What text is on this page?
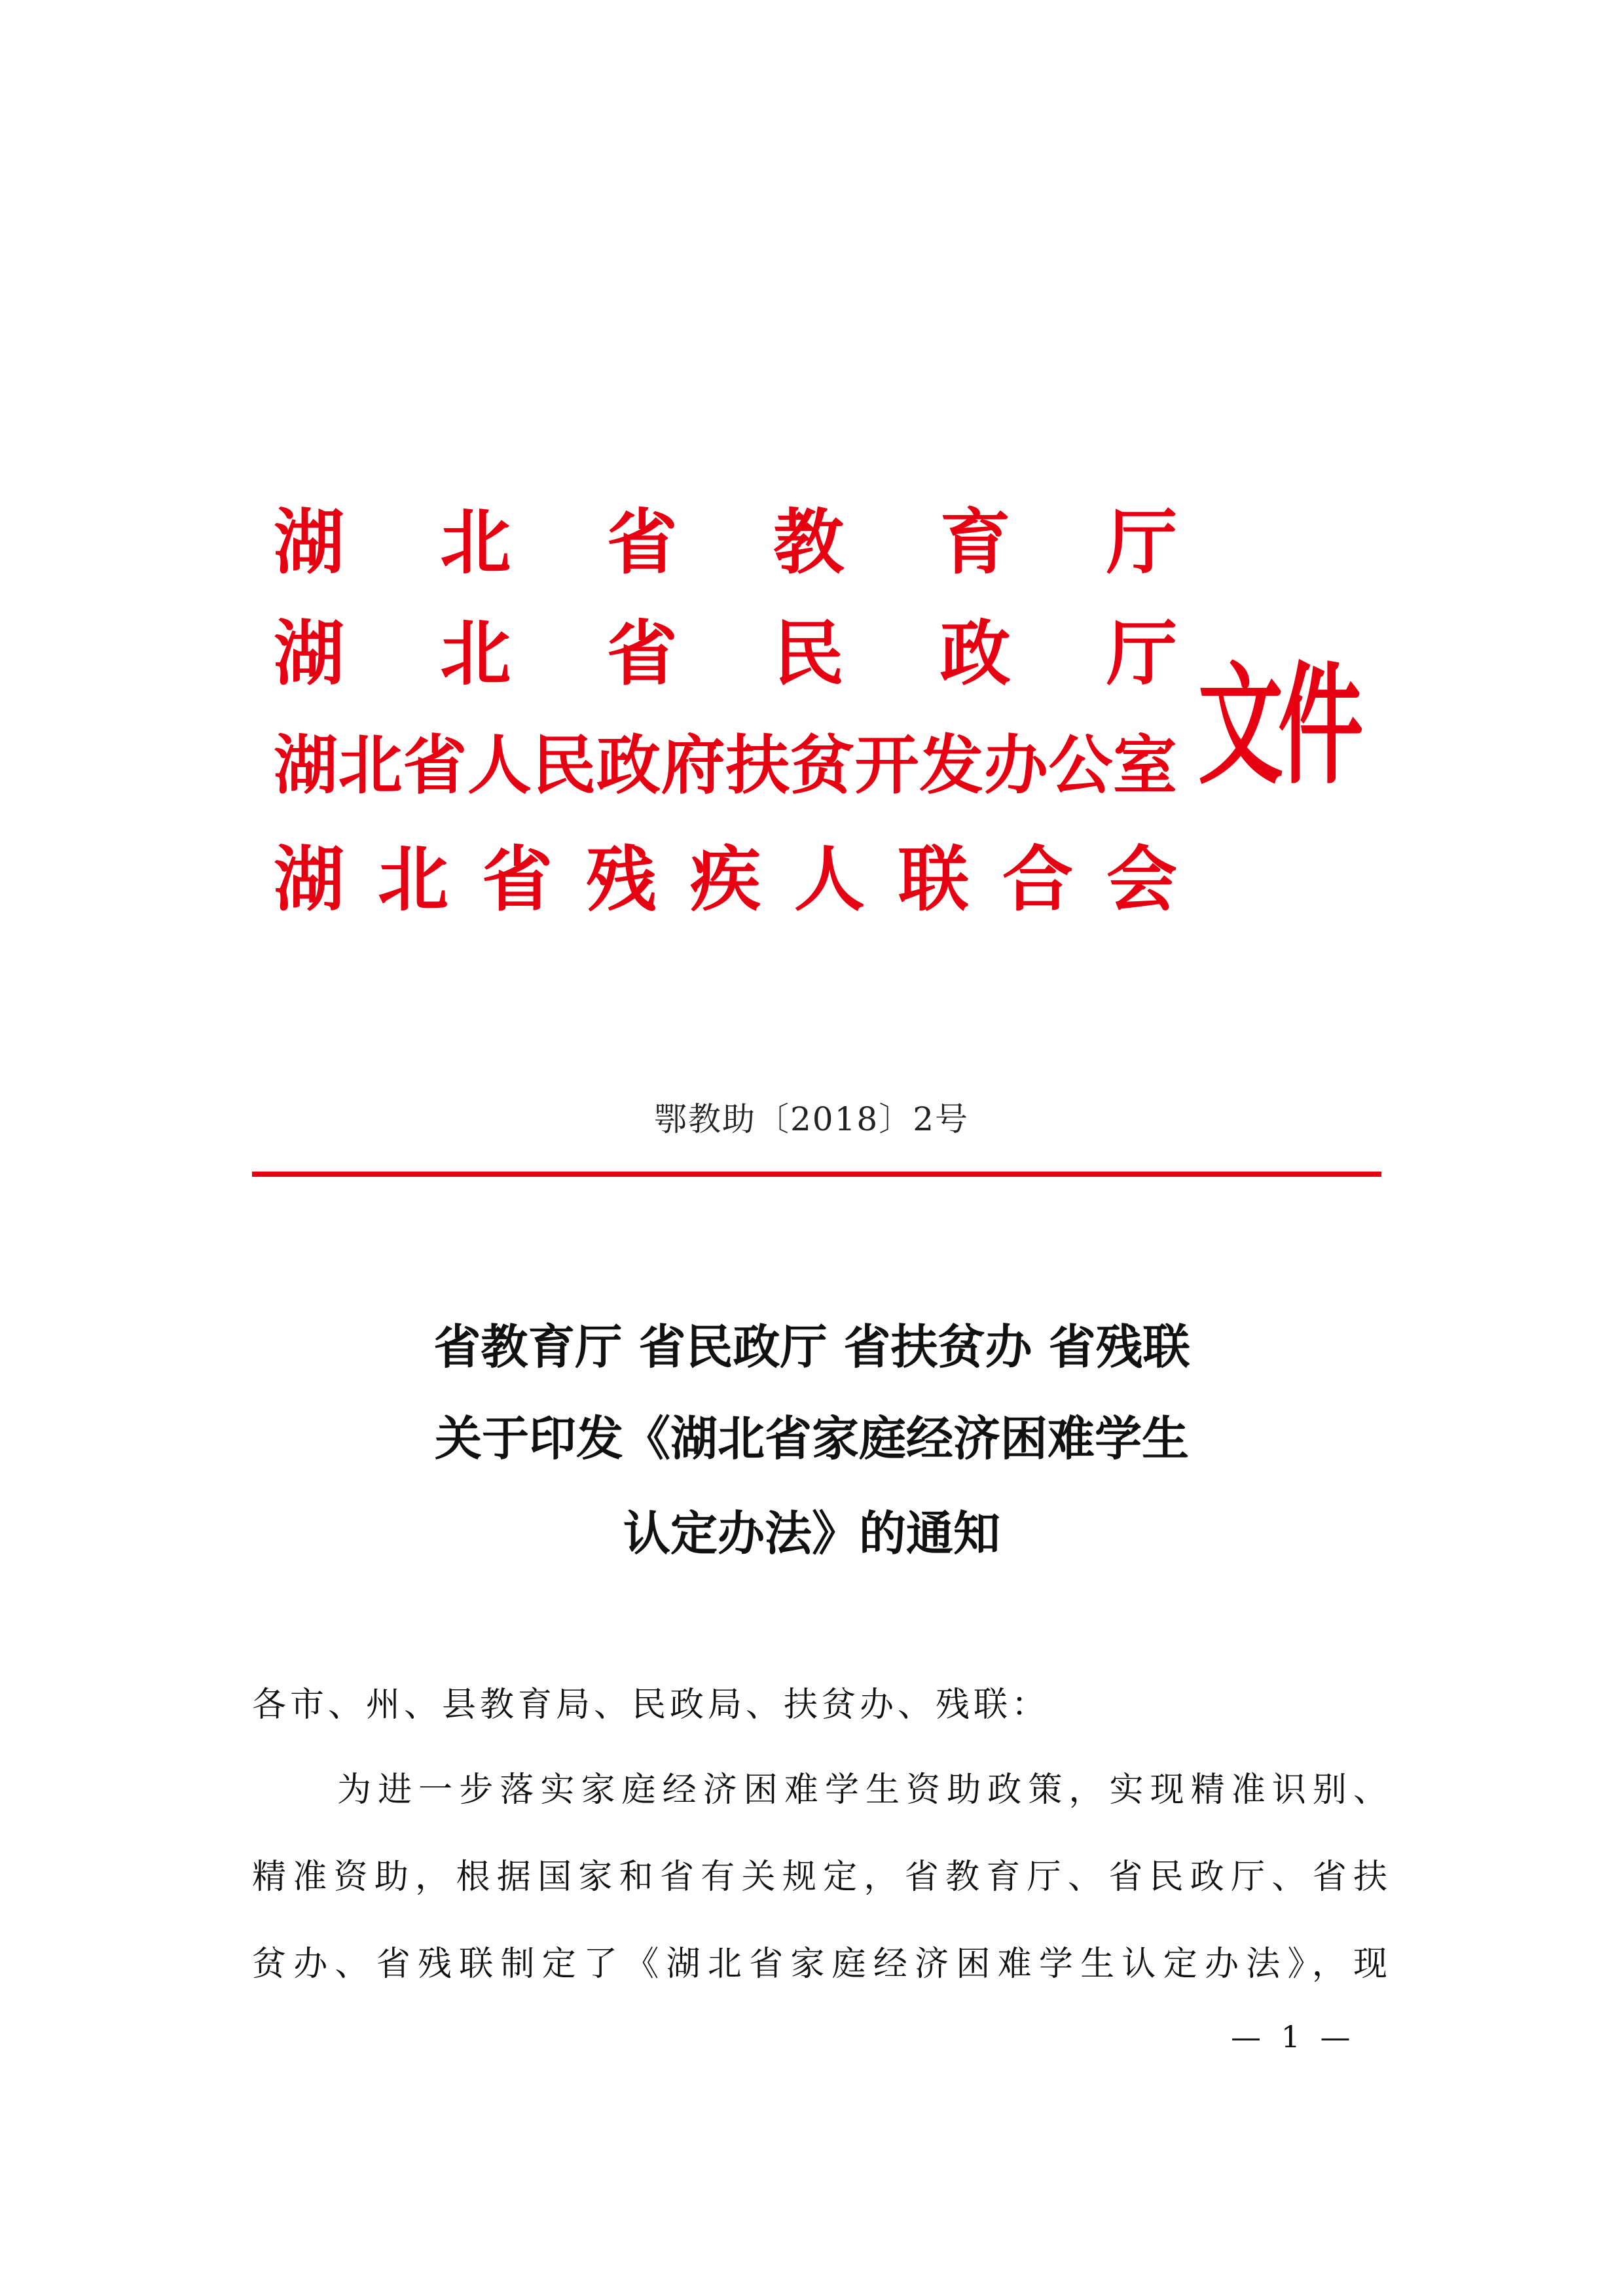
湖 北 省 教 育 厅
湖 北 省 民 政 厅
湖 北 省 人 民 政 府 扶 贫 开 发 办 公 室
湖 北 省 残 疾 人 联 合 会
文件
鄂教助〔2018〕2号
省教育厅 省民政厅 省扶贫办 省残联
关于印发《湖北省家庭经济困难学生
认定办法》的通知
各市、州、县教育局、民政局、扶贫办、残联：
为进一步落实家庭经济困难学生资助政策，实现精准识别、
精准资助，根据国家和省有关规定，省教育厅、省民政厅、省扶
贫办、省残联制定了《湖北省家庭经济困难学生认定办法》，现
— 1 —
